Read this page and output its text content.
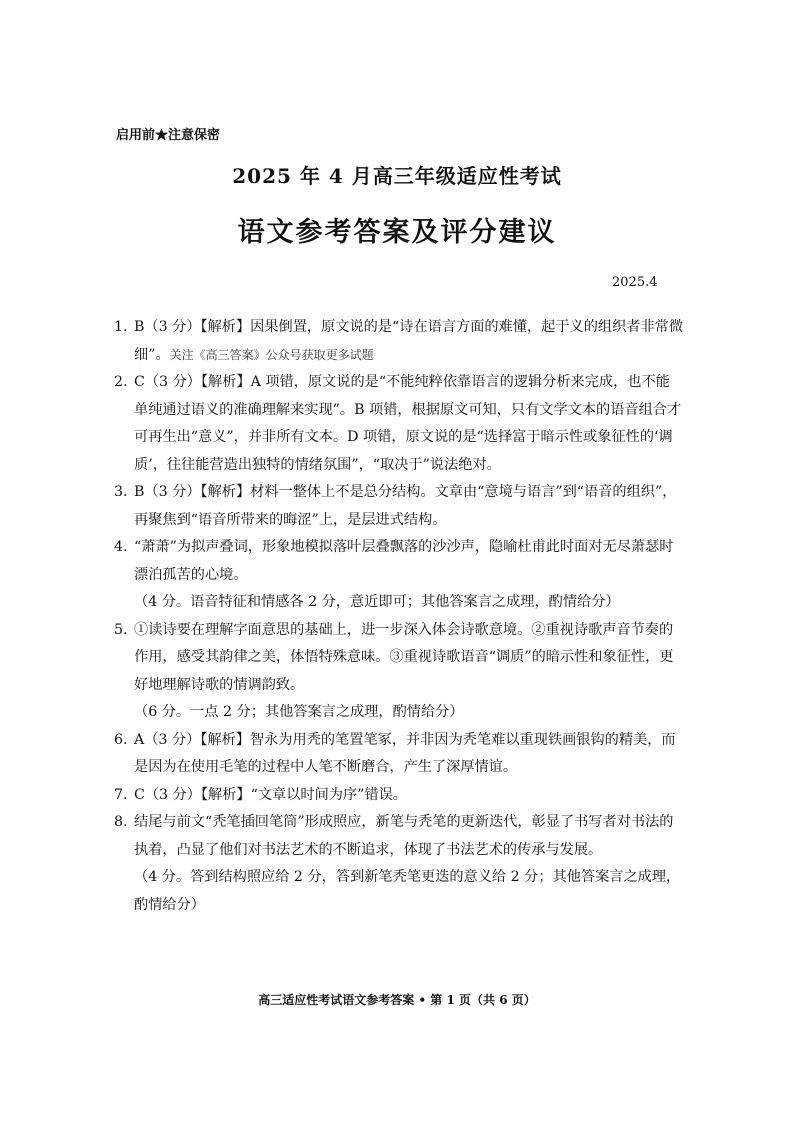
启用前★注意保密
2025 年 4 月高三年级适应性考试
语文参考答案及评分建议
2025.4
1. B（3 分）【解析】因果倒置，原文说的是“诗在语言方面的难懂，起于义的组织者非常微细”。关注《高三答案》公众号获取更多试题
2. C（3 分）【解析】A 项错，原文说的是“不能纯粹依靠语言的逻辑分析来完成，也不能单纯通过语义的准确理解来实现”。B 项错，根据原文可知，只有文学文本的语音组合才可再生出“意义”，并非所有文本。D 项错，原文说的是“选择富于暗示性或象征性的‘调质’，往往能营造出独特的情绪氛围”，“取决于”说法绝对。
3. B（3 分）【解析】材料一整体上不是总分结构。文章由“意境与语言”到“语音的组织”，再聚焦到“语音所带来的晦涩”上，是层进式结构。
4. “萧萧”为拟声叠词，形象地模拟落叶层叠飘落的沙沙声，隐喻杜甫此时面对无尽萧瑟时漂泊孤苦的心境。
（4 分。语音特征和情感各 2 分，意近即可；其他答案言之成理，酌情给分）
5. ①读诗要在理解字面意思的基础上，进一步深入体会诗歌意境。②重视诗歌声音节奏的作用，感受其韵律之美，体悟特殊意味。③重视诗歌语音“调质”的暗示性和象征性，更好地理解诗歌的情调韵致。
（6 分。一点 2 分；其他答案言之成理，酌情给分）
6. A（3 分）【解析】智永为用秃的笔置笔冢，并非因为秃笔难以重现铁画银钩的精美，而是因为在使用毛笔的过程中人笔不断磨合，产生了深厚情谊。
7. C（3 分）【解析】“文章以时间为序”错误。
8. 结尾与前文“秃笔插回笔筒”形成照应，新笔与秃笔的更新迭代，彰显了书写者对书法的执着，凸显了他们对书法艺术的不断追求，体现了书法艺术的传承与发展。
（4 分。答到结构照应给 2 分，答到新笔秃笔更迭的意义给 2 分；其他答案言之成理，酌情给分）
高三适应性考试语文参考答案 • 第 1 页（共 6 页）
